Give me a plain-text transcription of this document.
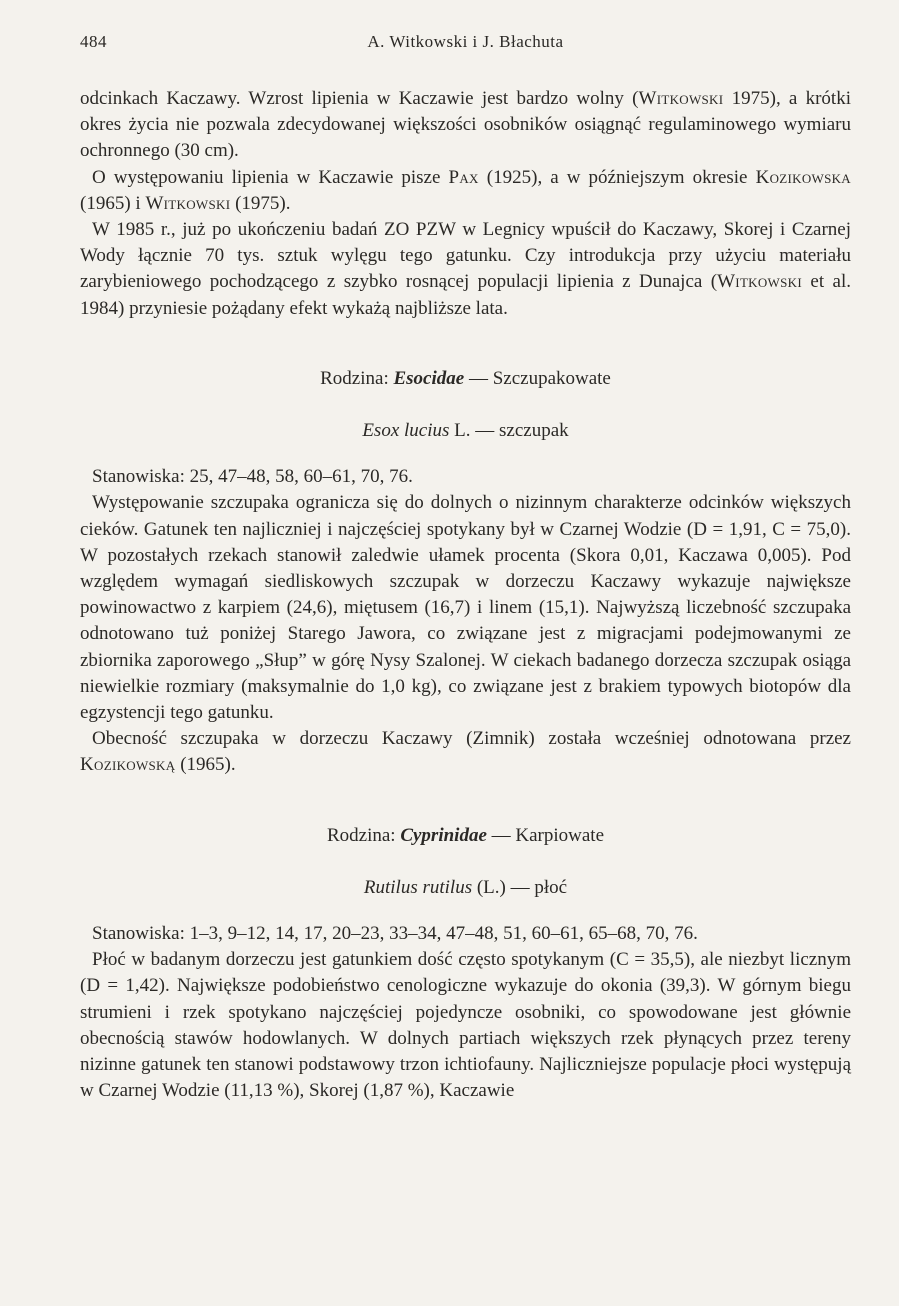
484	A. Witkowski i J. Błachuta

odcinkach Kaczawy. Wzrost lipienia w Kaczawie jest bardzo wolny (Witkowski 1975), a krótki okres życia nie pozwala zdecydowanej większości osobników osiągnąć regulaminowego wymiaru ochronnego (30 cm).

O występowaniu lipienia w Kaczawie pisze Pax (1925), a w późniejszym okresie Kozikowska (1965) i Witkowski (1975).

W 1985 r., już po ukończeniu badań ZO PZW w Legnicy wpuścił do Kaczawy, Skorej i Czarnej Wody łącznie 70 tys. sztuk wylęgu tego gatunku. Czy introdukcja przy użyciu materiału zarybieniowego pochodzącego z szybko rosnącej populacji lipienia z Dunajca (Witkowski et al. 1984) przyniesie pożądany efekt wykażą najbliższe lata.

Rodzina: Esocidae — Szczupakowate
Esox lucius L. — szczupak

Stanowiska: 25, 47–48, 58, 60–61, 70, 76.

Występowanie szczupaka ogranicza się do dolnych o nizinnym charakterze odcinków większych cieków. Gatunek ten najliczniej i najczęściej spotykany był w Czarnej Wodzie (D = 1,91, C = 75,0). W pozostałych rzekach stanowił zaledwie ułamek procenta (Skora 0,01, Kaczawa 0,005). Pod względem wymagań siedliskowych szczupak w dorzeczu Kaczawy wykazuje największe powinowactwo z karpiem (24,6), miętusem (16,7) i linem (15,1). Najwyższą liczebność szczupaka odnotowano tuż poniżej Starego Jawora, co związane jest z migracjami podejmowanymi ze zbiornika zaporowego „Słup” w górę Nysy Szalonej. W ciekach badanego dorzecza szczupak osiąga niewielkie rozmiary (maksymalnie do 1,0 kg), co związane jest z brakiem typowych biotopów dla egzystencji tego gatunku.

Obecność szczupaka w dorzeczu Kaczawy (Zimnik) została wcześniej odnotowana przez Kozikowską (1965).

Rodzina: Cyprinidae — Karpiowate
Rutilus rutilus (L.) — płoć

Stanowiska: 1–3, 9–12, 14, 17, 20–23, 33–34, 47–48, 51, 60–61, 65–68, 70, 76.

Płoć w badanym dorzeczu jest gatunkiem dość często spotykanym (C = 35,5), ale niezbyt licznym (D = 1,42). Największe podobieństwo cenologiczne wykazuje do okonia (39,3). W górnym biegu strumieni i rzek spotykano najczęściej pojedyncze osobniki, co spowodowane jest głównie obecnością stawów hodowlanych. W dolnych partiach większych rzek płynących przez tereny nizinne gatunek ten stanowi podstawowy trzon ichtiofauny. Najliczniejsze populacje płoci występują w Czarnej Wodzie (11,13 %), Skorej (1,87 %), Kaczawie
